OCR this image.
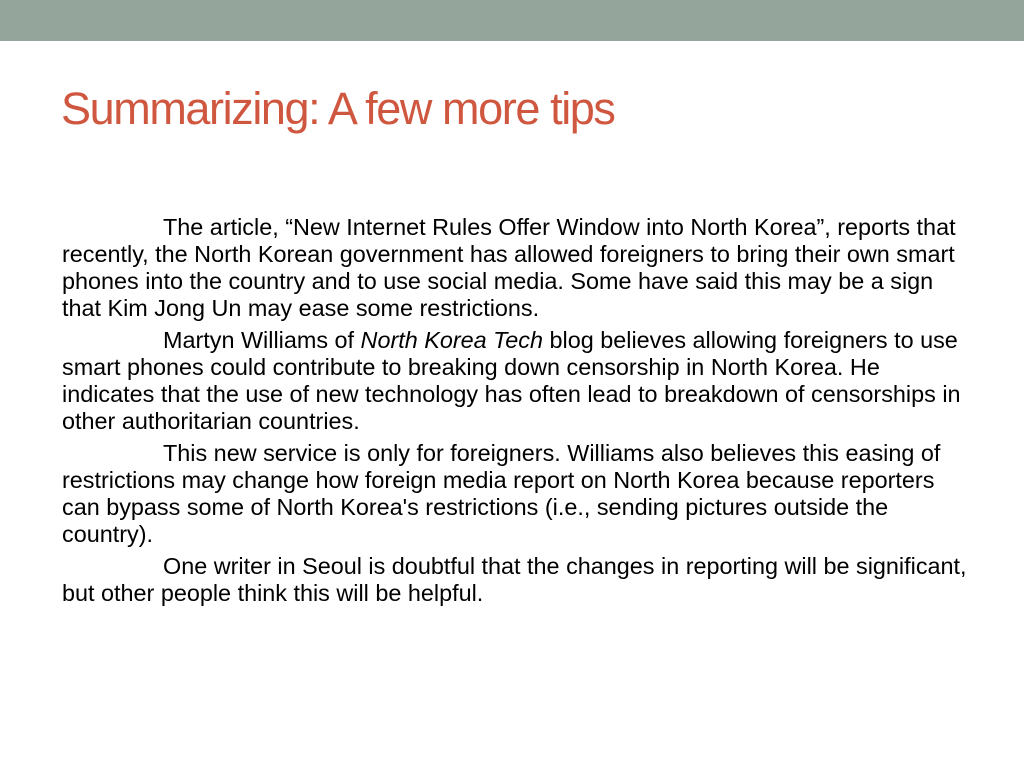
Summarizing: A few more tips

The article, “New Internet Rules Offer Window into North Korea”, reports that recently, the North Korean government has allowed foreigners to bring their own smart phones into the country and to use social media. Some have said this may be a sign that Kim Jong Un may ease some restrictions.

Martyn Williams of North Korea Tech blog believes allowing foreigners to use smart phones could contribute to breaking down censorship in North Korea. He indicates that the use of new technology has often lead to breakdown of censorships in other authoritarian countries.

This new service is only for foreigners. Williams also believes this easing of restrictions may change how foreign media report on North Korea because reporters can bypass some of North Korea's restrictions (i.e., sending pictures outside the country).

One writer in Seoul is doubtful that the changes in reporting will be significant, but other people think this will be helpful.
